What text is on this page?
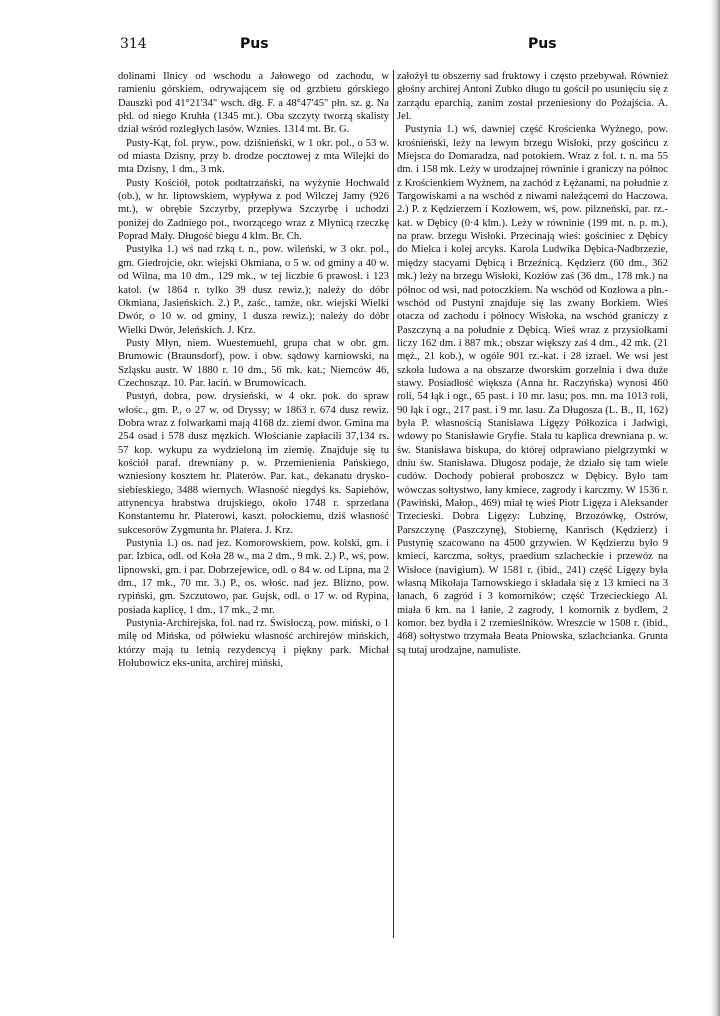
314	Pus	Pus

dolinami Ilnicy od wschodu a Jałowego od zachodu, w ramieniu górskiem, odrywającem się od grzbietu górskiego Dauszki pod 41°21'34" wsch. dłg. F. a 48°47'45" płn. sz. g. Na płd. od niego Kruhła (1345 mt.). Oba szczyty tworzą skalisty dział wśród rozległych lasów. Wznies. 1314 mt. Br. G.

Pusty-Kąt, fol. pryw., pow. dziśnieński, w 1 okr. pol., o 53 w. od miasta Dzisny, przy b. drodze pocztowej z mta Wilejki do mta Dzisny, 1 dm., 3 mk.

Pusty Kościół, potok podtatrzański, na wyżynie Hochwald (ob.), w hr. liptowskiem, wypływa z pod Wilczej Jamy (926 mt.), w obrębie Szczyrby, przepływa Szczyrbę i uchodzi poniżej do Zadniego pot., tworzącego wraz z Młynicą rzeczkę Poprad Mały. Długość biegu 4 klm. Br. Ch.

Pustyłka 1.) wś nad rzką t. n., pow. wileński, w 3 okr. pol., gm. Giedrojcie, okr. wiejski Okmiana, o 5 w. od gminy a 40 w. od Wilna, ma 10 dm., 129 mk., w tej liczbie 6 prawosł. i 123 katol. (w 1864 r. tylko 39 dusz rewiz.); należy do dóbr Okmiana, Jasieńskich. 2.) P., zaśc., tamże, okr. wiejski Wielki Dwór, o 10 w. od gminy, 1 dusza rewiz.); należy do dóbr Wielki Dwór, Jeleńskich. J. Krz.

Pusty Młyn, niem. Wuestemuehl, grupa chat w obr. gm. Brumowic (Braunsdorf), pow. i obw. sądowy karniowski, na Szląsku austr. W 1880 r. 10 dm., 56 mk. kat.; Niemców 46, Czechosząz. 10. Par. łaciń. w Brumowicach.

Pustyń, dobra, pow. drysieński, w 4 okr. pok. do spraw włośc., gm. P., o 27 w. od Dryssy; w 1863 r. 674 dusz rewiz. Dobra wraz z folwarkami mają 4168 dz. ziemi dwor. Gmina ma 254 osad i 578 dusz męzkich. Włościanie zapłacili 37,134 rs. 57 kop. wykupu za wydzieloną im ziemię. Znajduje się tu kościół paraf. drewniany p. w. Przemienienia Pańskiego, wzniesiony kosztem hr. Platerów. Par. kat., dekanatu drysko-siebieskiego, 3488 wiernych. Własność niegdyś ks. Sapiehów, attynencya hrabstwa drujskiego, około 1748 r. sprzedana Konstantemu hr. Platerowi, kaszt. połockiemu, dziś własność sukcesorów Zygmunta hr. Platera. J. Krz.

Pustynia 1.) os. nad jez. Komorowskiem, pow. kolski, gm. i par. Izbica, odl. od Koła 28 w., ma 2 dm., 9 mk. 2.) P., wś, pow. lipnowski, gm. i par. Dobrzejewice, odl. o 84 w. od Lipna, ma 2 dm., 17 mk., 70 mr. 3.) P., os. włośc. nad jez. Blizno, pow. rypiński, gm. Szczutowo, par. Gujsk, odl. o 17 w. od Rypina, posiada kaplicę, 1 dm., 17 mk., 2 mr.

Pustynia-Archirejska, fol. nad rz. Świsłoczą, pow. miński, o 1 milę od Mińska, od półwieku własność archirejów mińskich, którzy mają tu letnią rezydencyą i piękny park. Michał Hołubowicz eks-unita, archirej miński,

założył tu obszerny sad fruktowy i często przebywał. Również głośny archirej Antoni Zubko długo tu gościł po usunięciu się z zarządu eparchią, zanim został przeniesiony do Pożajścia. A. Jel.

Pustynia 1.) wś, dawniej część Krościenka Wyżnego, pow. krośnieński, leży na lewym brzegu Wisłoki, przy gościńcu z Miejsca do Domaradza, nad potokiem. Wraz z fol. t. n. ma 55 dm. i 158 mk. Leży w urodzajnej równinie i graniczy na północ z Krościenkiem Wyżnem, na zachód z Łężanami, na południe z Targowiskami a na wschód z niwami należącemi do Haczowa. 2.) P. z Kędzierzem i Kozłowem, wś, pow. pilzneński, par. rz.-kat. w Dębicy (0·4 klm.). Leży w równinie (199 mt. n. p. m.), na praw. brzegu Wisłoki. Przecinają wieś: gościniec z Dębicy do Mielca i kolej arcyks. Karola Ludwika Dębica-Nadbrzezie, między stacyami Dębicą i Brzeźnicą. Kędzierz (60 dm., 362 mk.) leży na brzegu Wisłoki, Kozłów zaś (36 dm., 178 mk.) na północ od wsi, nad potoczkiem. Na wschód od Kozłowa a płn.-wschód od Pustyni znajduje się las zwany Borkiem. Wieś otacza od zachodu i północy Wisłoka, na wschód graniczy z Paszczyną a na południe z Dębicą. Wieś wraz z przysiołkami liczy 162 dm. i 887 mk.; obszar większy zaś 4 dm., 42 mk. (21 męż., 21 kob.), w ogóle 901 rz.-kat. i 28 izrael. We wsi jest szkoła ludowa a na obszarze dworskim gorzelnia i dwa duże stawy. Posiadłość większa (Anna hr. Raczyńska) wynosi 460 roli, 54 łąk i ogr., 65 past. i 10 mr. lasu; pos. mn. ma 1013 roli, 90 łąk i ogr., 217 past. i 9 mr. lasu. Za Długosza (L. B., II, 162) była P. własnością Stanisława Ligęzy Półkozica i Jadwigi, wdowy po Stanisławie Gryfie. Stała tu kaplica drewniana p. w. św. Stanisława biskupa, do której odprawiano pielgrzymki w dniu św. Stanisława. Długosz podaje, że działo się tam wiele cudów. Dochody pobierał proboszcz w Dębicy. Było tam wówczas sołtystwo, łany kmiece, zagrody i karczmy. W 1536 r. (Pawiński, Małop., 469) miał tę wieś Piotr Ligęza i Aleksander Trzecieski. Dobra Ligęzy: Lubzinę, Brzozówkę, Ostrów, Parszczynę (Paszczynę), Stobiernę, Kanrisch (Kędzierz) i Pustynię szacowano na 4500 grzywien. W Kędzierzu było 9 kmieci, karczma, sołtys, praedium szlacheckie i przewóz na Wisłoce (navigium). W 1581 r. (ibid., 241) część Ligęzy była własną Mikołaja Tarnowskiego i składała się z 13 kmieci na 3 łanach, 6 zagród i 3 komorników; część Trzecieckiego Al. miała 6 km. na 1 łanie, 2 zagrody, 1 komornik z bydłem, 2 komor. bez bydła i 2 rzemieślników. Wreszcie w 1508 r. (ibid., 468) sołtystwo trzymała Beata Pniowska, szlachcianka. Grunta są tutaj urodzajne, namuliste.
